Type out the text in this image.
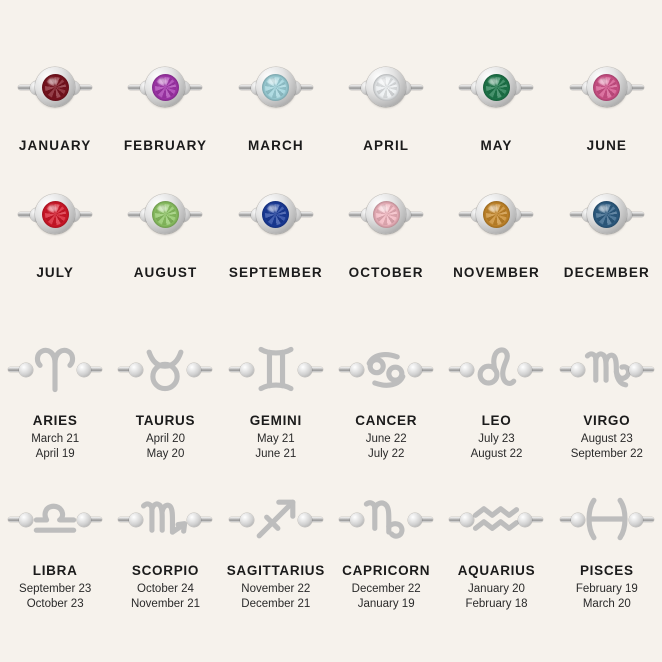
JANUARY FEBRUARY	MARCH	APRIL	MAY	JUNE
JULY	AUGUST SEPTEMBER OCTOBER NOVEMBER DECEMBER
ARIES
March 21
April 19
TAURUS
April 20
May 20
GEMINI
May 21
June 21
CANCER
June 22
July 22
LEO
July 23
August 22
VIRGO
August 23
September 22
LIBRA
September 23
October 23
SCORPIO
October 24
November 21
SAGITTARIUS
November 22
December 21
CAPRICORN
December 22
January 19
AQUARIUS
January 20
February 18
PISCES
February 19
March 20
